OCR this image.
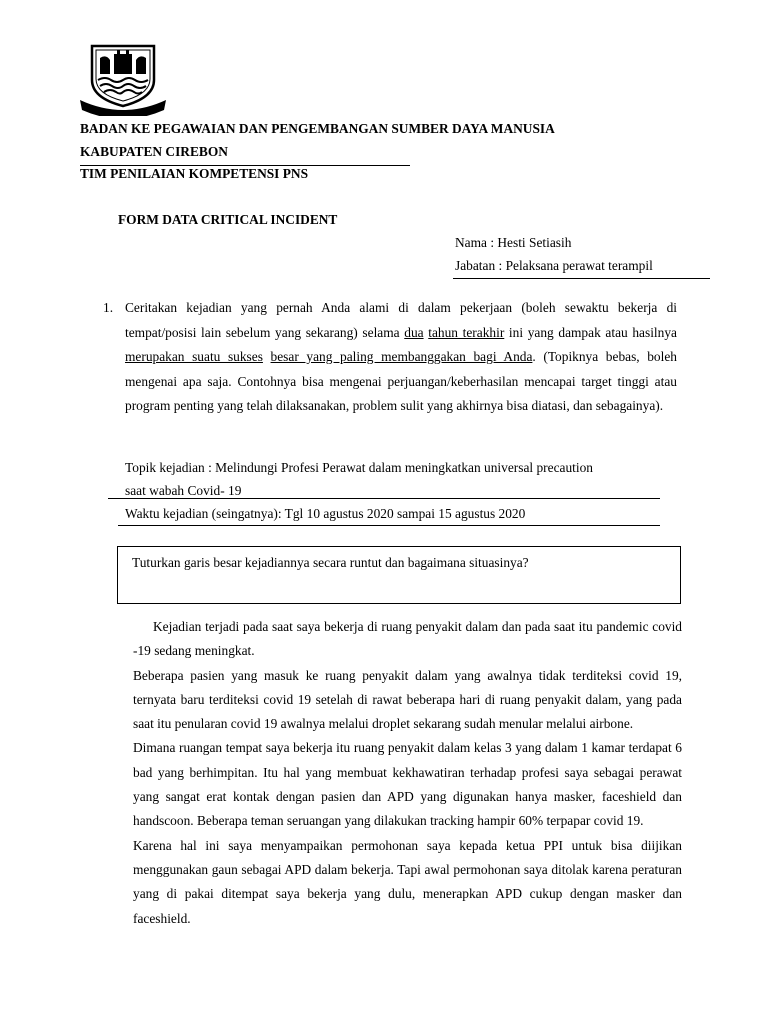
BADAN KE PEGAWAIAN DAN PENGEMBANGAN SUMBER DAYA MANUSIA
KABUPATEN CIREBON
TIM PENILAIAN KOMPETENSI PNS
FORM DATA CRITICAL INCIDENT
Nama : Hesti Setiasih
Jabatan : Pelaksana perawat terampil
1. Ceritakan kejadian yang pernah Anda alami di dalam pekerjaan (boleh sewaktu bekerja di tempat/posisi lain sebelum yang sekarang) selama dua tahun terakhir ini yang dampak atau hasilnya merupakan suatu sukses besar yang paling membanggakan bagi Anda. (Topiknya bebas, boleh mengenai apa saja. Contohnya bisa mengenai perjuangan/keberhasilan mencapai target tinggi atau program penting yang telah dilaksanakan, problem sulit yang akhirnya bisa diatasi, dan sebagainya).

Topik kejadian : Melindungi Profesi Perawat dalam meningkatkan universal precaution
saat wabah Covid- 19
Waktu kejadian (seingatnya): Tgl 10 agustus 2020 sampai 15 agustus 2020

Tuturkan garis besar kejadiannya secara runtut dan bagaimana situasinya?

Kejadian terjadi pada saat saya bekerja di ruang penyakit dalam dan pada saat itu pandemic covid -19 sedang meningkat.

Beberapa pasien yang masuk ke ruang penyakit dalam yang awalnya tidak terditeksi covid 19, ternyata baru terditeksi covid 19 setelah di rawat beberapa hari di ruang penyakit dalam, yang pada saat itu penularan covid 19 awalnya melalui droplet sekarang sudah menular melalui airbone.

Dimana ruangan tempat saya bekerja itu ruang penyakit dalam kelas 3 yang dalam 1 kamar terdapat 6 bad yang berhimpitan. Itu hal yang membuat kekhawatiran terhadap profesi saya sebagai perawat yang sangat erat kontak dengan pasien dan APD yang digunakan hanya masker, faceshield dan handscoon. Beberapa teman seruangan yang dilakukan tracking hampir 60% terpapar covid 19.

Karena hal ini saya menyampaikan permohonan saya kepada ketua PPI untuk bisa diijikan menggunakan gaun sebagai APD dalam bekerja. Tapi awal permohonan saya ditolak karena peraturan yang di pakai ditempat saya bekerja yang dulu, menerapkan APD cukup dengan masker dan faceshield.
